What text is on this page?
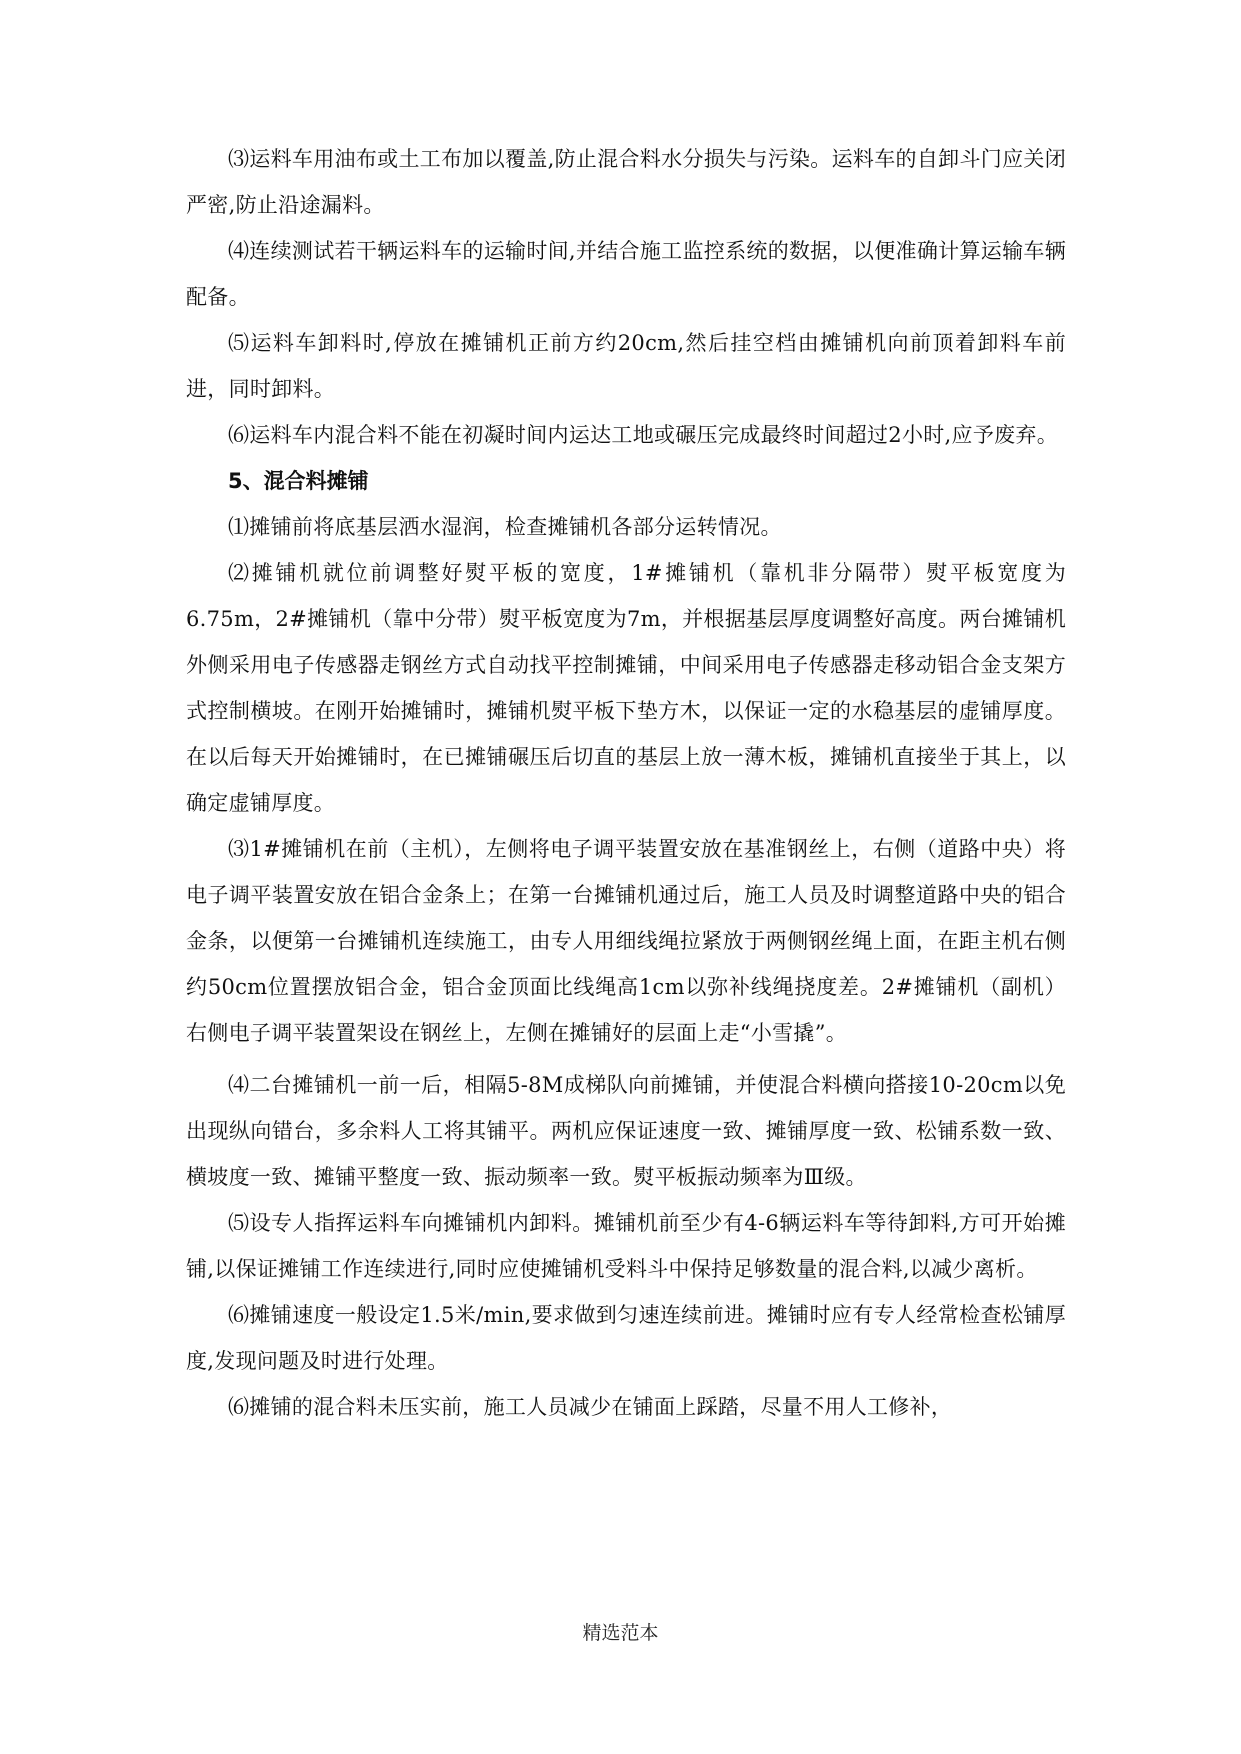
⑶运料车用油布或土工布加以覆盖,防止混合料水分损失与污染。运料车的自卸斗门应关闭严密,防止沿途漏料。

⑷连续测试若干辆运料车的运输时间,并结合施工监控系统的数据，以便准确计算运输车辆配备。

⑸运料车卸料时,停放在摊铺机正前方约20cm,然后挂空档由摊铺机向前顶着卸料车前进，同时卸料。

⑹运料车内混合料不能在初凝时间内运达工地或碾压完成最终时间超过2小时,应予废弃。

5、混合料摊铺

⑴摊铺前将底基层洒水湿润，检查摊铺机各部分运转情况。

⑵摊铺机就位前调整好熨平板的宽度，1#摊铺机（靠机非分隔带）熨平板宽度为6.75m，2#摊铺机（靠中分带）熨平板宽度为7m，并根据基层厚度调整好高度。两台摊铺机外侧采用电子传感器走钢丝方式自动找平控制摊铺，中间采用电子传感器走移动铝合金支架方式控制横坡。在刚开始摊铺时，摊铺机熨平板下垫方木，以保证一定的水稳基层的虚铺厚度。在以后每天开始摊铺时，在已摊铺碾压后切直的基层上放一薄木板，摊铺机直接坐于其上，以确定虚铺厚度。

⑶1#摊铺机在前（主机），左侧将电子调平装置安放在基准钢丝上，右侧（道路中央）将电子调平装置安放在铝合金条上；在第一台摊铺机通过后，施工人员及时调整道路中央的铝合金条，以便第一台摊铺机连续施工，由专人用细线绳拉紧放于两侧钢丝绳上面，在距主机右侧约50cm位置摆放铝合金，铝合金顶面比线绳高1cm以弥补线绳挠度差。2#摊铺机（副机）右侧电子调平装置架设在钢丝上，左侧在摊铺好的层面上走“小雪撬”。

⑷二台摊铺机一前一后，相隔5-8M成梯队向前摊铺，并使混合料横向搭接10-20cm以免出现纵向错台，多余料人工将其铺平。两机应保证速度一致、摊铺厚度一致、松铺系数一致、横坡度一致、摊铺平整度一致、振动频率一致。熨平板振动频率为Ⅲ级。

⑸设专人指挥运料车向摊铺机内卸料。摊铺机前至少有4-6辆运料车等待卸料,方可开始摊铺,以保证摊铺工作连续进行,同时应使摊铺机受料斗中保持足够数量的混合料,以减少离析。

⑹摊铺速度一般设定1.5米/min,要求做到匀速连续前进。摊铺时应有专人经常检查松铺厚度,发现问题及时进行处理。

⑹摊铺的混合料未压实前，施工人员减少在铺面上踩踏，尽量不用人工修补，

精选范本
